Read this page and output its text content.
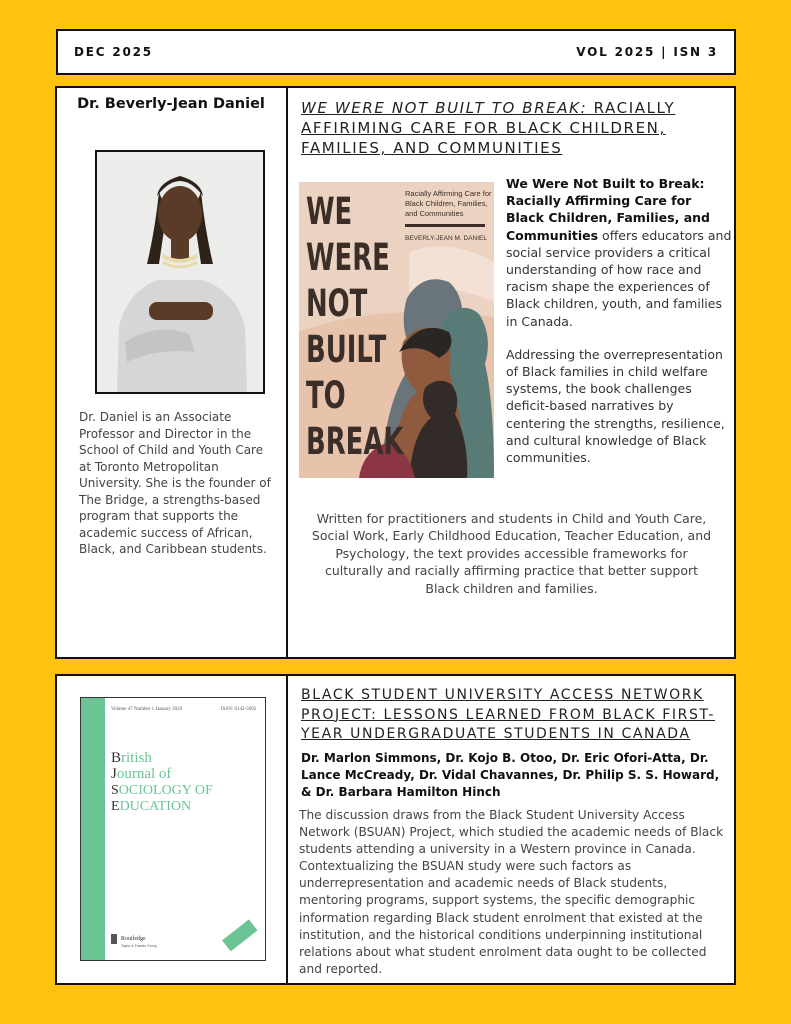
DEC 2025	VOL 2025 | ISN 3
Dr. Beverly-Jean Daniel
Dr. Daniel is an Associate Professor and Director in the School of Child and Youth Care at Toronto Metropolitan University. She is the founder of The Bridge, a strengths-based program that supports the academic success of African, Black, and Caribbean students.
WE WERE NOT BUILT TO BREAK: RACIALLY AFFIRIMING CARE FOR BLACK CHILDREN, FAMILIES, AND COMMUNITIES
WE
WERE
NOT
BUILT
TO
BREAK
Racially Affirming Care for
Black Children, Families,
and Communities
BEVERLY-JEAN M. DANIEL

We Were Not Built to Break: Racially Affirming Care for Black Children, Families, and Communities offers educators and social service providers a critical understanding of how race and racism shape the experiences of Black children, youth, and families in Canada.

Addressing the overrepresentation of Black families in child welfare systems, the book challenges deficit-based narratives by centering the strengths, resilience, and cultural knowledge of Black communities.

Written for practitioners and students in Child and Youth Care, Social Work, Early Childhood Education, Teacher Education, and Psychology, the text provides accessible frameworks for culturally and racially affirming practice that better support Black children and families.
Volume 47 Number 1 January 2026	ISSN: 0142-5692
British
Journal of
SOCIOLOGY OF
EDUCATION
Routledge
Taylor & Francis Group
BLACK STUDENT UNIVERSITY ACCESS NETWORK PROJECT: LESSONS LEARNED FROM BLACK FIRST-YEAR UNDERGRADUATE STUDENTS IN CANADA
Dr. Marlon Simmons, Dr. Kojo B. Otoo, Dr. Eric Ofori-Atta, Dr. Lance McCready, Dr. Vidal Chavannes, Dr. Philip S. S. Howard, & Dr. Barbara Hamilton Hinch
The discussion draws from the Black Student University Access Network (BSUAN) Project, which studied the academic needs of Black students attending a university in a Western province in Canada. Contextualizing the BSUAN study were such factors as underrepresentation and academic needs of Black students, mentoring programs, support systems, the specific demographic information regarding Black student enrolment that existed at the institution, and the historical conditions underpinning institutional relations about what student enrolment data ought to be collected and reported.
